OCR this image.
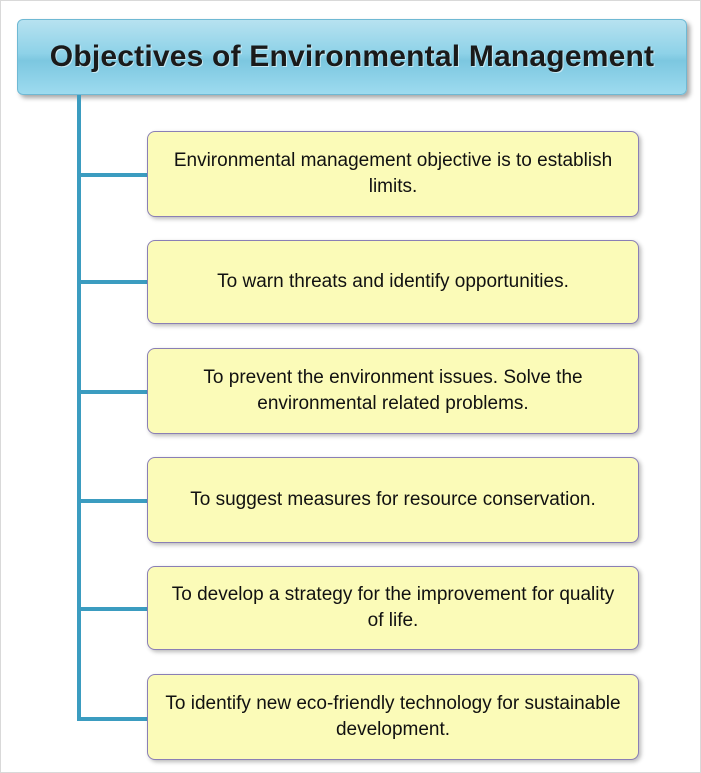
Objectives of Environmental Management
Environmental management objective is to establish limits.
To warn threats and identify opportunities.
To prevent the environment issues. Solve the environmental related problems.
To suggest measures for resource conservation.
To develop a strategy for the improvement for quality of life.
To identify new eco-friendly technology for sustainable development.
